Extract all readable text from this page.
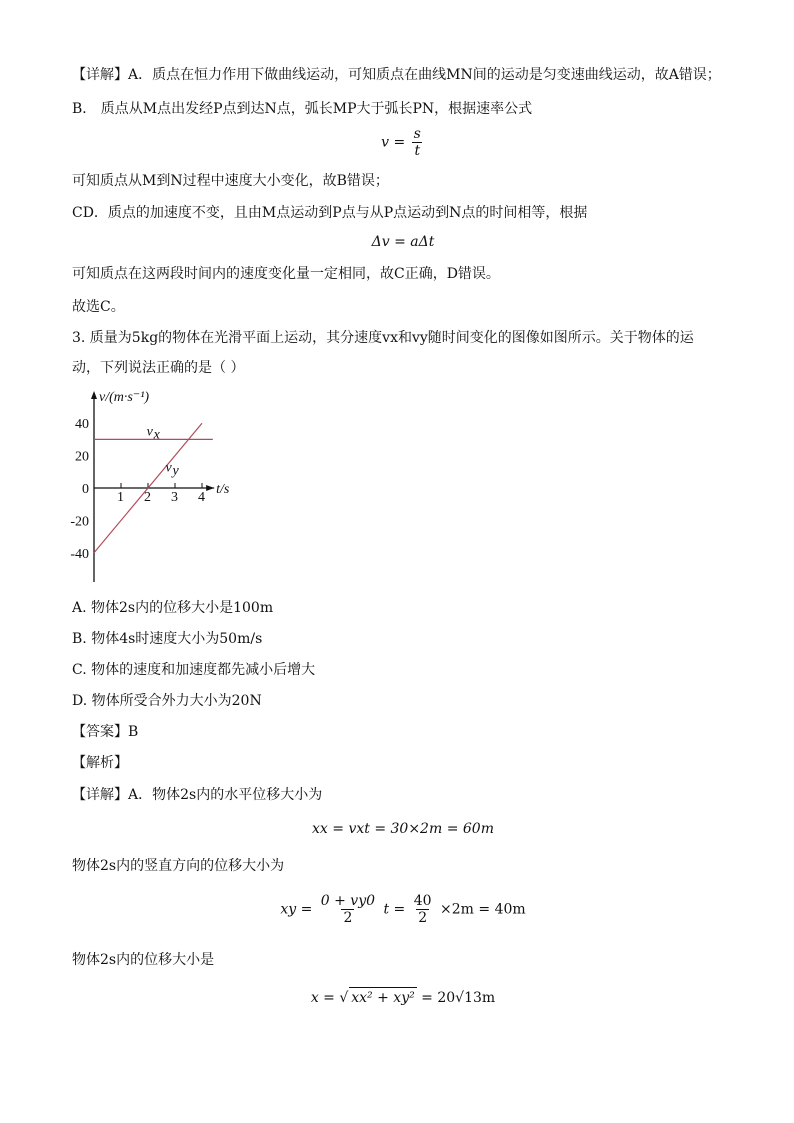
【详解】A．质点在恒力作用下做曲线运动，可知质点在曲线MN间的运动是匀变速曲线运动，故A错误；
B． 质点从M点出发经P点到达N点，弧长MP大于弧长PN，根据速率公式
$v = \frac{s}{t}$
可知质点从M到N过程中速度大小变化，故B错误；
CD．质点的加速度不变，且由M点运动到P点与从P点运动到N点的时间相等，根据
Δv = aΔt
可知质点在这两段时间内的速度变化量一定相同，故C正确，D错误。
故选C。
3. 质量为5kg的物体在光滑平面上运动，其分速度vx和vy随时间变化的图像如图所示。关于物体的运
动，下列说法正确的是（ ）
v/(m·s⁻¹)
t/s
1 2 3 4
40
20
0
-20
-40
v x
v y
A. 物体2s内的位移大小是100m
B. 物体4s时速度大小为50m/s
C. 物体的速度和加速度都先减小后增大
D. 物体所受合外力大小为20N
【答案】B
【解析】
【详解】A．物体2s内的水平位移大小为
xx = vxt = 30×2m = 60m
物体2s内的竖直方向的位移大小为
xy = $\frac{0 + vy0}{2}$ $t = \frac{40}{2} \times 2m = 40m$
物体2s内的位移大小是
x = √ xx² + xy² = 20√13m
